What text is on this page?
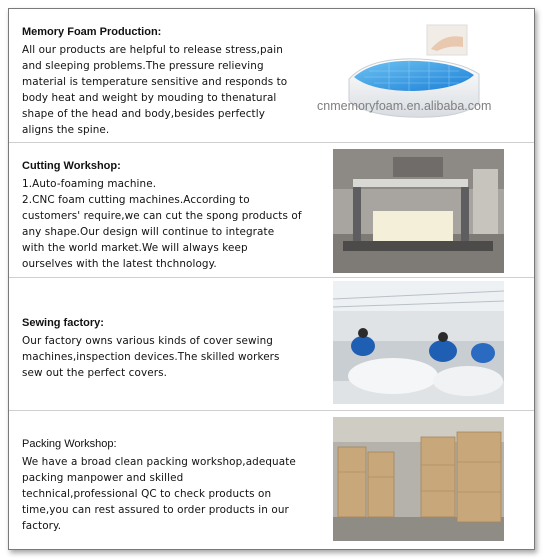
Memory Foam Production:
All our products are helpful to release stress,pain
and sleeping problems.The pressure relieving
material is temperature sensitive and responds to
body heat and weight by mouding to thenatural
shape of the head and body,besides perfectly
aligns the spine.
cnmemoryfoam.en.alibaba.com
Cutting Workshop:
1.Auto-foaming machine.
2.CNC foam cutting machines.According to
customers' require,we can cut the spong products of
any shape.Our design will continue to integrate
with the world market.We will always keep
ourselves with the latest thchnology.
Sewing factory:
Our factory owns various kinds of cover sewing
machines,inspection devices.The skilled workers
sew out the perfect covers.
Packing Workshop:
We have a broad clean packing workshop,adequate
packing manpower and skilled
technical,professional QC to check products on
time,you can rest assured to order products in our
factory.
